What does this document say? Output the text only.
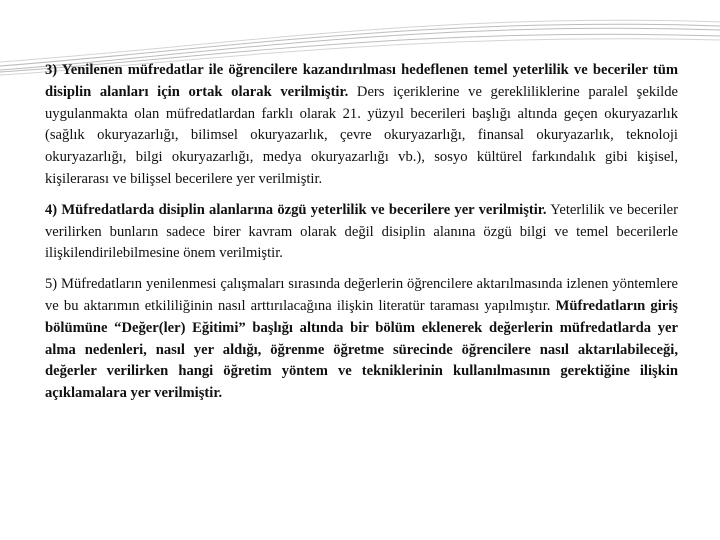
3) Yenilenen müfredatlar ile öğrencilere kazandırılması hedeflenen temel yeterlilik ve beceriler tüm disiplin alanları için ortak olarak verilmiştir. Ders içeriklerine ve gerekliliklerine paralel şekilde uygulanmakta olan müfredatlardan farklı olarak 21. yüzyıl becerileri başlığı altında geçen okuryazarlık (sağlık okuryazarlığı, bilimsel okuryazarlık, çevre okuryazarlığı, finansal okuryazarlık, teknoloji okuryazarlığı, bilgi okuryazarlığı, medya okuryazarlığı vb.), sosyo kültürel farkındalık gibi kişisel, kişilerarası ve bilişsel becerilere yer verilmiştir.

4) Müfredatlarda disiplin alanlarına özgü yeterlilik ve becerilere yer verilmiştir. Yeterlilik ve beceriler verilirken bunların sadece birer kavram olarak değil disiplin alanına özgü bilgi ve temel becerilerle ilişkilendirilebilmesine önem verilmiştir.

5) Müfredatların yenilenmesi çalışmaları sırasında değerlerin öğrencilere aktarılmasında izlenen yöntemlere ve bu aktarımın etkililiğinin nasıl arttırılacağına ilişkin literatür taraması yapılmıştır. Müfredatların giriş bölümüne “Değer(ler) Eğitimi” başlığı altında bir bölüm eklenerek değerlerin müfredatlarda yer alma nedenleri, nasıl yer aldığı, öğrenme öğretme sürecinde öğrencilere nasıl aktarılabileceği, değerler verilirken hangi öğretim yöntem ve tekniklerinin kullanılmasının gerektiğine ilişkin açıklamalara yer verilmiştir.
